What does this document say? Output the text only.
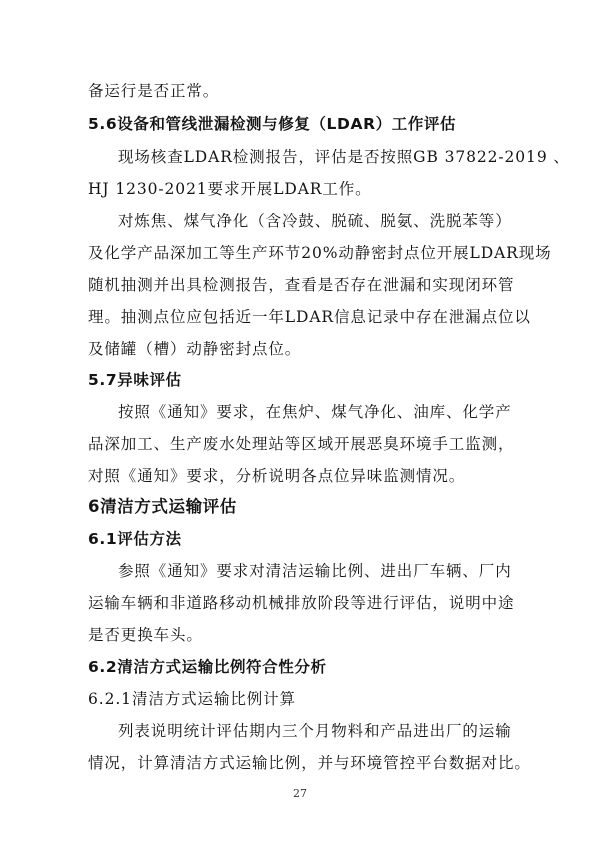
备运行是否正常。
5.6设备和管线泄漏检测与修复（LDAR）工作评估
现场核查LDAR检测报告，评估是否按照GB 37822-2019 、
HJ 1230-2021要求开展LDAR工作。
对炼焦、煤气净化（含冷鼓、脱硫、脱氨、洗脱苯等）
及化学产品深加工等生产环节20%动静密封点位开展LDAR现场
随机抽测并出具检测报告，查看是否存在泄漏和实现闭环管
理。抽测点位应包括近一年LDAR信息记录中存在泄漏点位以
及储罐（槽）动静密封点位。
5.7异味评估
按照《通知》要求，在焦炉、煤气净化、油库、化学产
品深加工、生产废水处理站等区域开展恶臭环境手工监测，
对照《通知》要求，分析说明各点位异味监测情况。
6清洁方式运输评估
6.1评估方法
参照《通知》要求对清洁运输比例、进出厂车辆、厂内
运输车辆和非道路移动机械排放阶段等进行评估，说明中途
是否更换车头。
6.2清洁方式运输比例符合性分析
6.2.1清洁方式运输比例计算
列表说明统计评估期内三个月物料和产品进出厂的运输
情况，计算清洁方式运输比例，并与环境管控平台数据对比。
27
